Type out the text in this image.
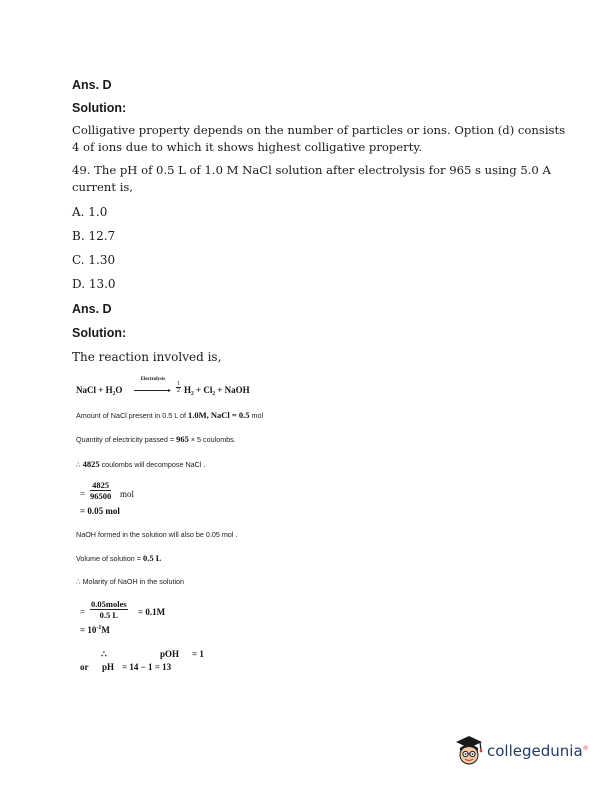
Ans. D
Solution:
Colligative property depends on the number of particles or ions. Option (d) consists
4 of ions due to which it shows highest colligative property.
49. The pH of 0.5 L of 1.0 M NaCl solution after electrolysis for 965 s using 5.0 A
current is,
A. 1.0
B. 12.7
C. 1.30
D. 13.0
Ans. D
Solution:
The reaction involved is,
NaCl + H₂O
Electrolysis
▸ $\frac{1}{2} H_2 + Cl_2$ + NaOH
Amount of NaCl present in 0.5 L of 1.0M, NaCl = 0.5 mol
Quantity of electricity passed = 965 × 5 coulombs.
∴ 4825 coulombs will decompose NaCl .
= $\frac{4825}{96500}$ mol
= 0.05 mol
NaOH formed in the solution will also be 0.05 mol .
Volume of solution = 0.5 L
∴ Molarity of NaOH in the solution
=
0.05moles
0.5 L	= 0.1M
= $10^{-1}M$
∴	pOH = 1
or pH = 14 − 1 = 13
collegedunia®
